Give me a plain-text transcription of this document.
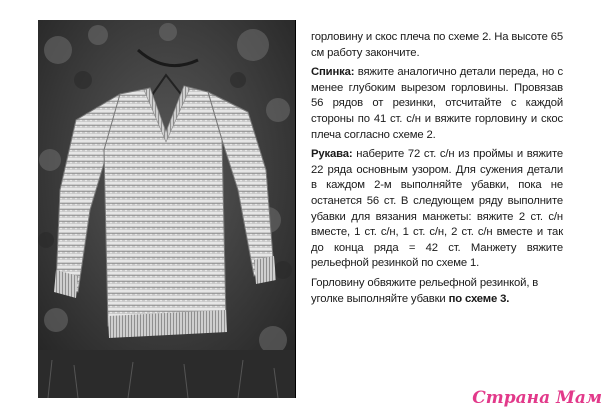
горловину и скос плеча по схеме 2. На высоте 65 см работу закончите.

Спинка: вяжите аналогично детали переда, но с менее глубоким вырезом горловины. Провязав 56 рядов от резинки, отсчитайте с каждой стороны по 41 ст. с/н и вяжите горловину и скос плеча согласно схеме 2.

Рукава: наберите 72 ст. с/н из проймы и вяжите 22 ряда основным узором. Для сужения детали в каждом 2-м выполняйте убавки, пока не останется 56 ст. В следующем ряду выполните убавки для вязания манжеты: вяжите 2 ст. с/н вместе, 1 ст. с/н, 1 ст. с/н, 2 ст. с/н вместе и так до конца ряда = 42 ст. Манжету вяжите рельефной резинкой по схеме 1.

Горловину обвяжите рельефной резинкой, в уголке выполняйте убавки по схеме 3.

Страна Мам
